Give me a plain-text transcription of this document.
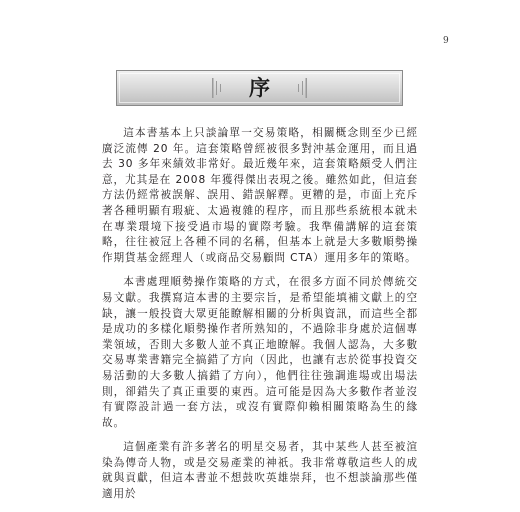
9
序

這本書基本上只談論單一交易策略，相關概念則至少已經廣泛流傳 20 年。這套策略曾經被很多對沖基金運用，而且過去 30 多年來績效非常好。最近幾年來，這套策略頗受人們注意，尤其是在 2008 年獲得傑出表現之後。雖然如此，但這套方法仍經常被誤解、誤用、錯誤解釋。更糟的是，市面上充斥著各種明顯有瑕疵、太過複雜的程序，而且那些系統根本就未在專業環境下接受過市場的實際考驗。我準備講解的這套策略，往往被冠上各種不同的名稱，但基本上就是大多數順勢操作期貨基金經理人（或商品交易顧問 CTA）運用多年的策略。

本書處理順勢操作策略的方式，在很多方面不同於傳統交易文獻。我撰寫這本書的主要宗旨，是希望能填補文獻上的空缺，讓一般投資大眾更能瞭解相關的分析與資訊，而這些全都是成功的多樣化順勢操作者所熟知的，不過除非身處於這個專業領域，否則大多數人並不真正地瞭解。我個人認為，大多數交易專業書籍完全搞錯了方向（因此，也讓有志於從事投資交易活動的大多數人搞錯了方向），他們往往強調進場或出場法則，卻錯失了真正重要的東西。這可能是因為大多數作者並沒有實際設計過一套方法，或沒有實際仰賴相關策略為生的緣故。

這個產業有許多著名的明星交易者，其中某些人甚至被渲染為傳奇人物，或是交易產業的神祇。我非常尊敬這些人的成就與貢獻，但這本書並不想鼓吹英雄崇拜，也不想談論那些僅適用於
